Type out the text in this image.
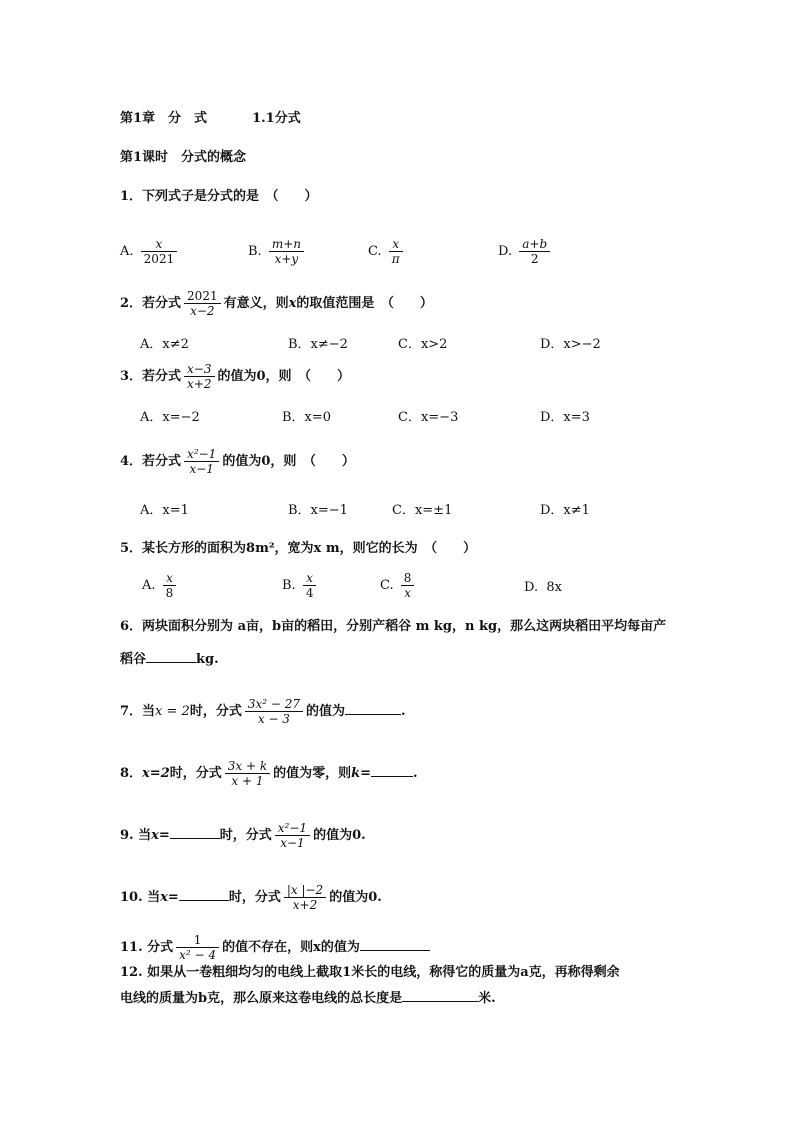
第1章　分　式	1.1分式
第1课时　分式的概念
1．下列式子是分式的是　（　　）
A. $\frac{x}{2021}$	B. $\frac{m+n}{x+y}$	C. $\frac{x}{\pi}$	D. $\frac{a+b}{2}$
2．若分式 $\frac{2021}{x-2}$ 有意义，则x的取值范围是　（　　）
A．x≠2	B．x≠−2	C．x>2	D．x>−2
3．若分式 $\frac{x-3}{x+2}$ 的值为0，则　（　　）
A．x=−2	B．x=0	C．x=−3	D．x=3
4．若分式 $\frac{\text{x²−1}}{x-1}$ 的值为0，则　（　　）
A．x=1	B．x=−1	C．x=±1	D．x≠1
5．某长方形的面积为8m²，宽为x m，则它的长为　（　　）
A. $\frac{x}{8}$	B. $\frac{x}{4}$	C. $\frac{8}{x}$	D. 8x
6．两块面积分别为 a亩，b亩的稻田，分别产稻谷 m kg，n kg，那么这两块稻田平均每亩产
稻谷	kg.
7．当x = 2时，分式 $\frac{\text{3x² − 27}}{x - 3}$ 的值为	.
8．x=2时，分式 $\frac{3x + k}{x + 1}$ 的值为零，则k=	.
9. 当x=	时，分式 $\frac{\text{x²−1}}{x-1}$ 的值为0.
10. 当x=	时，分式 $\frac{|x |-2}{x+2}$ 的值为0.
11. 分式 $\frac{1}{\text{x² − 4}}$ 的值不存在，则x的值为
12. 如果从一卷粗细均匀的电线上截取1米长的电线，称得它的质量为a克，再称得剩余
电线的质量为b克，那么原来这卷电线的总长度是	米.
